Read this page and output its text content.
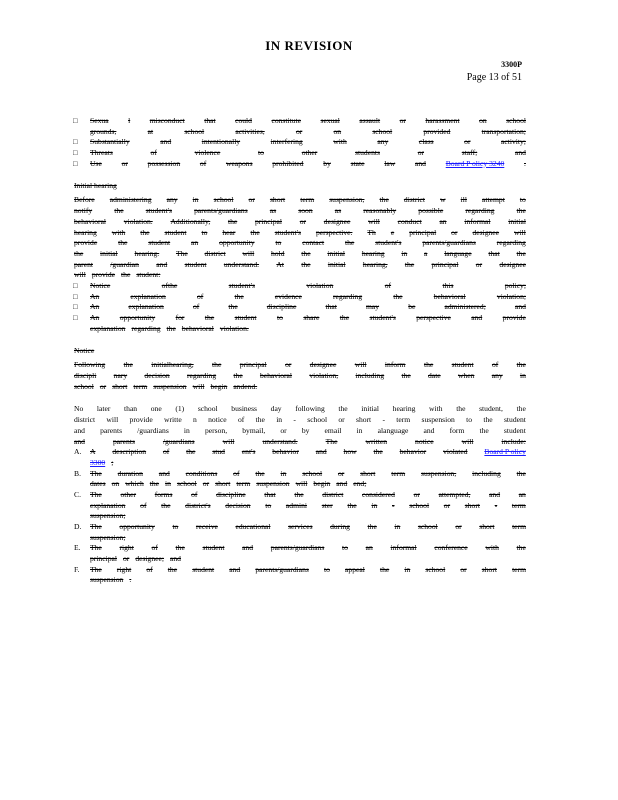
IN REVISION
3300P
Page 13 of 51
□	Sexua	l	misconduct	that	could	constitute	sexual	assault	or	harassment	on	school
grounds,	at	school	activities,	or	on	school	provided	transportation;
□	Substantially	and	intentionally	interfering	with	any	class	or	activity;
□	Threats	of	violence	to	other	students	or	staff;	and
□	Use	or	possession	of	weapons	prohibited	by	state	law	and	Board P olicy 3240	.
Initial hearing
Before administering any in school or short term suspension, the district w ill attempt to
notify	the	student's	parents/guardians	as	soon	as	reasonably	possible	regarding	the
behavioral violation. Additionally, the principal or designee will conduct an informal initial
hearing with the student to hear the student's perspective. Th e principal or designee will
provide	the	student	an	opportunity	to	contact	the	student's	parents/guardians	regarding
the initial hearing. The district will hold the initial hearing in a language that the
parent /guardian and student understand. At the initial hearing, the principal or designee
will provide the student:
□	Notice	ofthe	student's	violation	of	this	policy;
□	An	explanation	of	the	evidence	regarding	the	behavioral	violation;
□	An	explanation	of	the	discipline	that	may	be	administered;	and
□	An	opportunity	for	the	student	to	share	the	student's	perspective	and	provide
explanation regarding the behavioral violation.
Notice
Following the initialhearing, the principal or designee will inform the student of the
discipli nary decision regarding the behavioral violation, including the date when any in
school or short term suspension will begin andend.
No later than one (1) school business day following the initial hearing with the student, the
district will provide writte n notice of the in - school or short - term suspension to the student
and parents /guardians in person, bymail, or by email in alanguage and form the student
and	parents	/guardians	will	understand.	The	written	notice	will	include:
A. A description of the stud ent's behavior and how the behavior violated Board P olicy
3300 ;
B. The duration and conditions of the in school or short term suspension, including the
dates on which the in school or short term suspension will begin and end;
C. The other forms of discipline that the district considered or attempted, and an
explanation of the district's decision to admini ster the in - school or short - term
suspension;
D. The opportunity to receive educational services during the in school or short term
suspension;
E. The right of the student and parents/guardians to an informal conference with the
principal or designee; and
F. The right of the student and parents/guardians to appeal the in school or short term
suspension .
